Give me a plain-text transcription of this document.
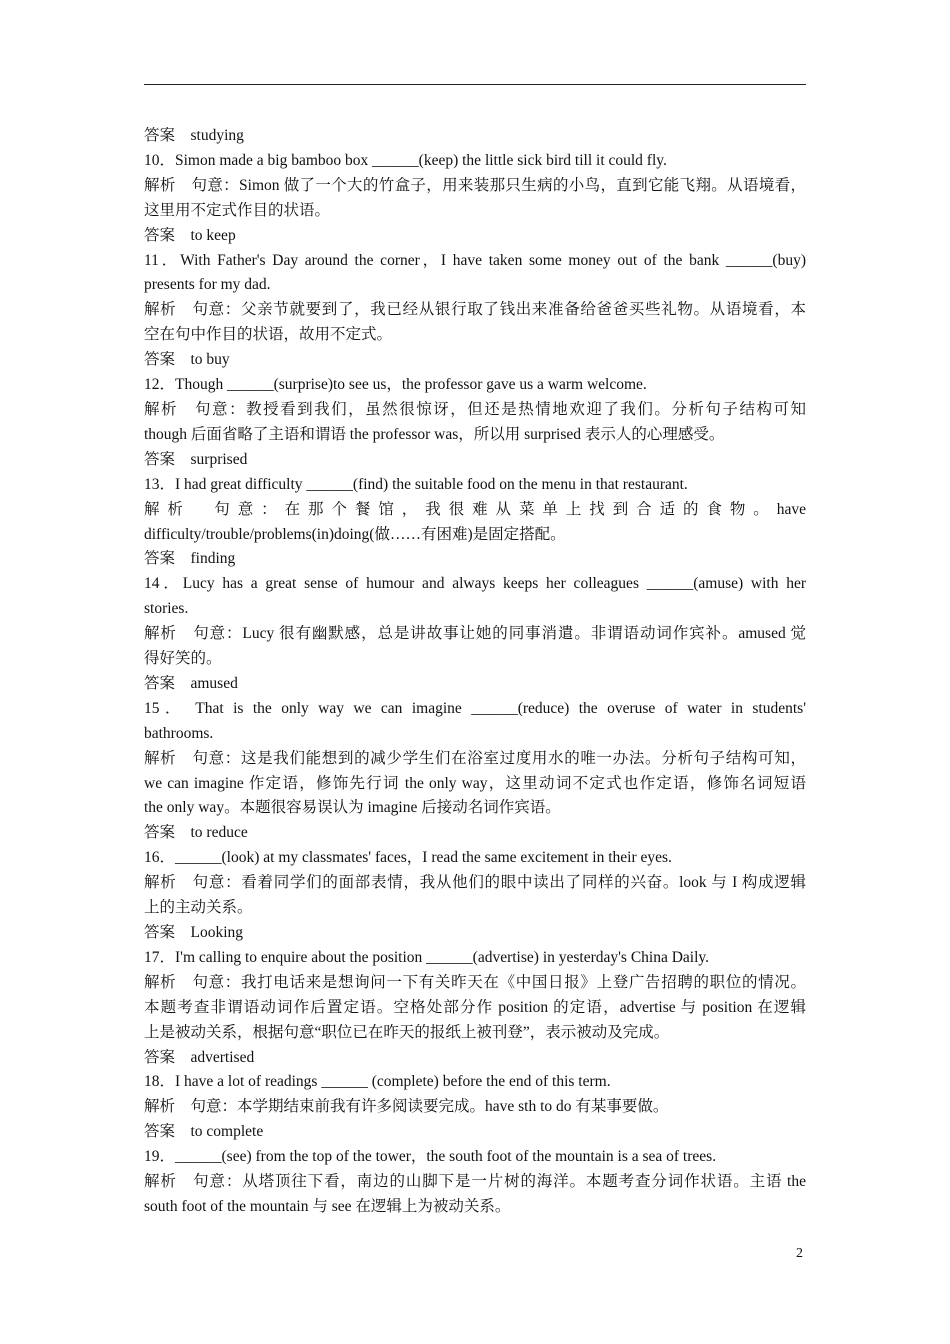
答案　studying
10．Simon made a big bamboo box ______(keep) the little sick bird till it could fly.
解析　句意：Simon 做了一个大的竹盒子，用来装那只生病的小鸟，直到它能飞翔。从语境看，
这里用不定式作目的状语。
答案　to keep
11．With Father's Day around the corner，I have taken some money out of the bank ______(buy)
presents for my dad.
解析　句意：父亲节就要到了，我已经从银行取了钱出来准备给爸爸买些礼物。从语境看，本
空在句中作目的状语，故用不定式。
答案　to buy
12．Though ______(surprise)to see us，the professor gave us a warm welcome.
解析　句意：教授看到我们，虽然很惊讶，但还是热情地欢迎了我们。分析句子结构可知
though 后面省略了主语和谓语 the professor was，所以用 surprised 表示人的心理感受。
答案　surprised
13．I had great difficulty ______(find) the suitable food on the menu in that restaurant.
解 析 　 句 意 ： 在 那 个 餐 馆 ， 我 很 难 从 菜 单 上 找 到 合 适 的 食 物 。 have
difficulty/trouble/problems(in)doing(做……有困难)是固定搭配。
答案　finding
14．Lucy has a great sense of humour and always keeps her colleagues ______(amuse) with her
stories.
解析　句意：Lucy 很有幽默感，总是讲故事让她的同事消遣。非谓语动词作宾补。amused 觉
得好笑的。
答案　amused
15． That is the only way we can imagine ______(reduce) the overuse of water in students'
bathrooms.
解析　句意：这是我们能想到的减少学生们在浴室过度用水的唯一办法。分析句子结构可知，
we can imagine 作定语，修饰先行词 the only way，这里动词不定式也作定语，修饰名词短语
the only way。本题很容易误认为 imagine 后接动名词作宾语。
答案　to reduce
16．______(look) at my classmates' faces，I read the same excitement in their eyes.
解析　句意：看着同学们的面部表情，我从他们的眼中读出了同样的兴奋。look 与 I 构成逻辑
上的主动关系。
答案　Looking
17．I'm calling to enquire about the position ______(advertise) in yesterday's China Daily.
解析　句意：我打电话来是想询问一下有关昨天在《中国日报》上登广告招聘的职位的情况。
本题考查非谓语动词作后置定语。空格处部分作 position 的定语，advertise 与 position 在逻辑
上是被动关系，根据句意“职位已在昨天的报纸上被刊登”，表示被动及完成。
答案　advertised
18．I have a lot of readings ______ (complete) before the end of this term.
解析　句意：本学期结束前我有许多阅读要完成。have sth to do 有某事要做。
答案　to complete
19．______(see) from the top of the tower，the south foot of the mountain is a sea of trees.
解析　句意：从塔顶往下看，南边的山脚下是一片树的海洋。本题考查分词作状语。主语 the
south foot of the mountain 与 see 在逻辑上为被动关系。
2
